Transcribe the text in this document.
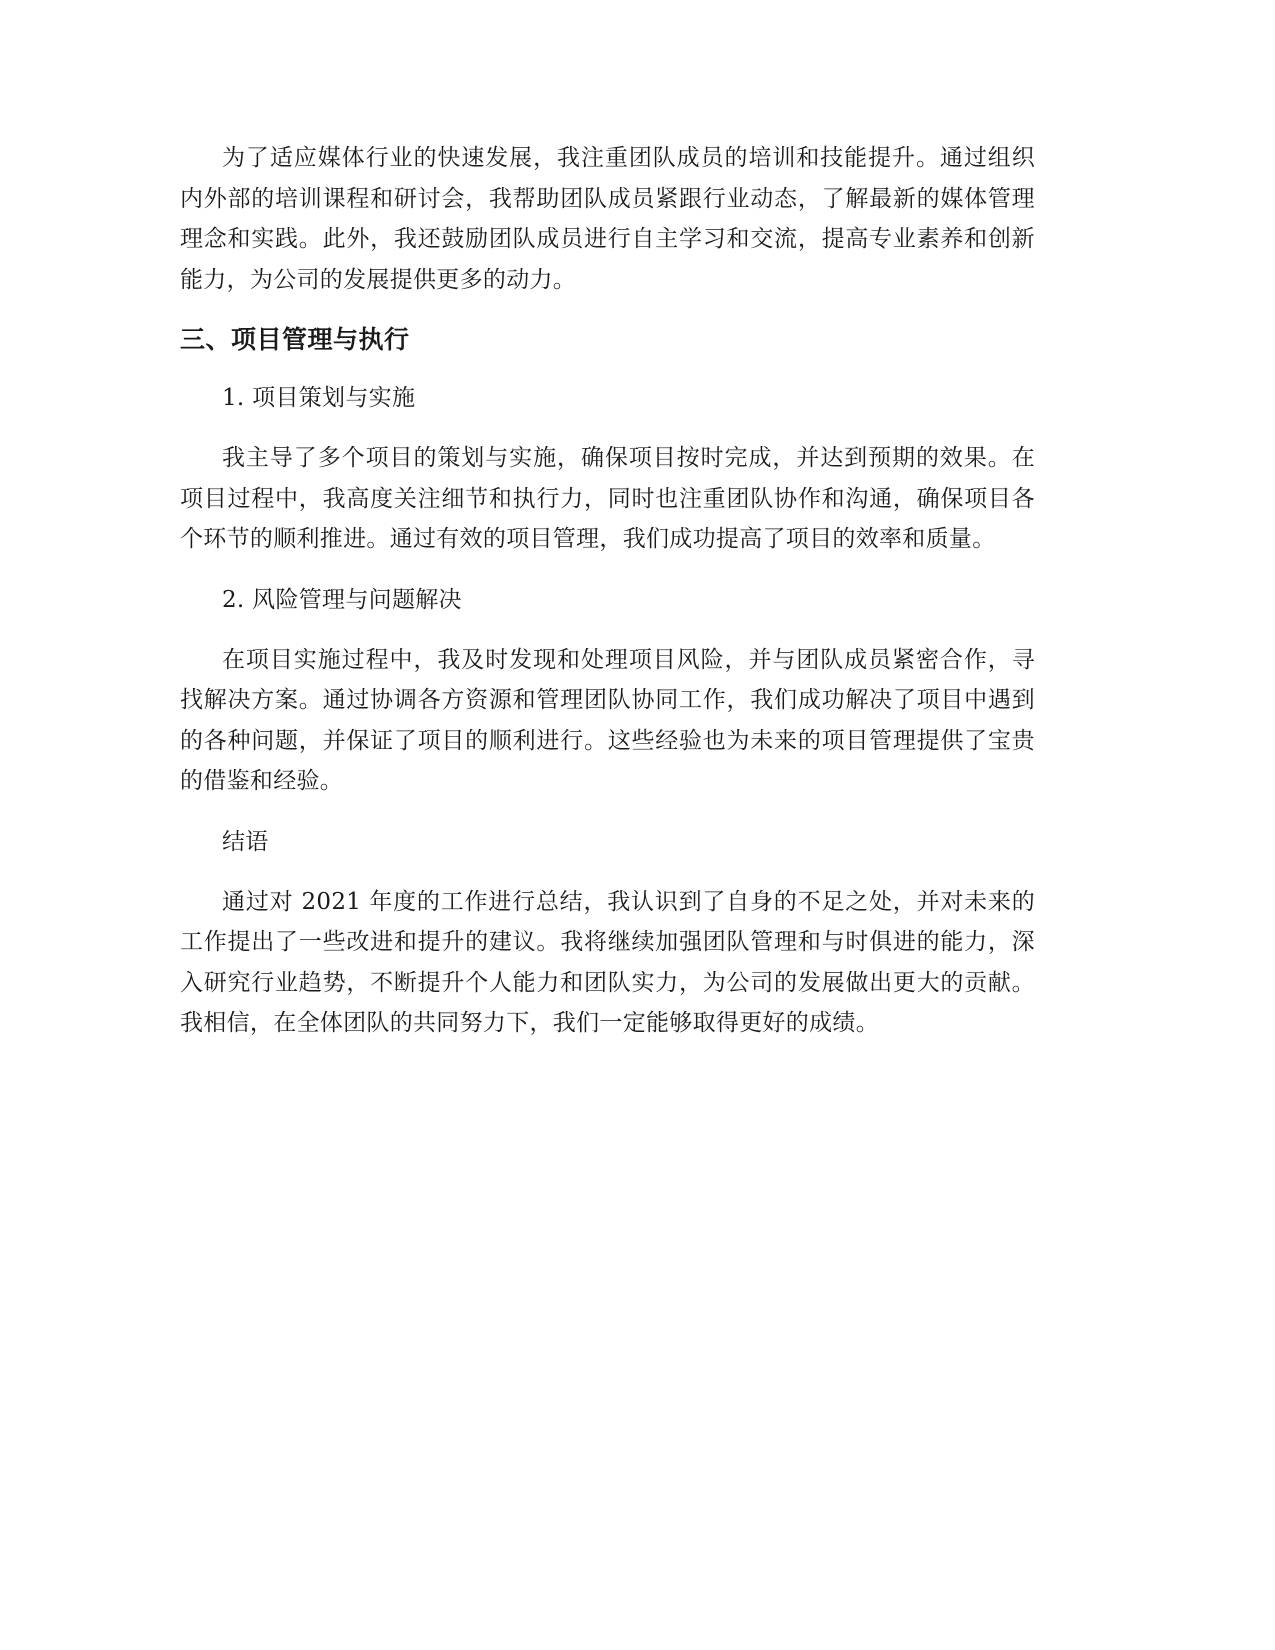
为了适应媒体行业的快速发展，我注重团队成员的培训和技能提升。通过组织内外部的培训课程和研讨会，我帮助团队成员紧跟行业动态，了解最新的媒体管理理念和实践。此外，我还鼓励团队成员进行自主学习和交流，提高专业素养和创新能力，为公司的发展提供更多的动力。

三、项目管理与执行

1. 项目策划与实施

我主导了多个项目的策划与实施，确保项目按时完成，并达到预期的效果。在项目过程中，我高度关注细节和执行力，同时也注重团队协作和沟通，确保项目各个环节的顺利推进。通过有效的项目管理，我们成功提高了项目的效率和质量。

2. 风险管理与问题解决

在项目实施过程中，我及时发现和处理项目风险，并与团队成员紧密合作，寻找解决方案。通过协调各方资源和管理团队协同工作，我们成功解决了项目中遇到的各种问题，并保证了项目的顺利进行。这些经验也为未来的项目管理提供了宝贵的借鉴和经验。

结语

通过对 2021 年度的工作进行总结，我认识到了自身的不足之处，并对未来的工作提出了一些改进和提升的建议。我将继续加强团队管理和与时俱进的能力，深入研究行业趋势，不断提升个人能力和团队实力，为公司的发展做出更大的贡献。我相信，在全体团队的共同努力下，我们一定能够取得更好的成绩。
